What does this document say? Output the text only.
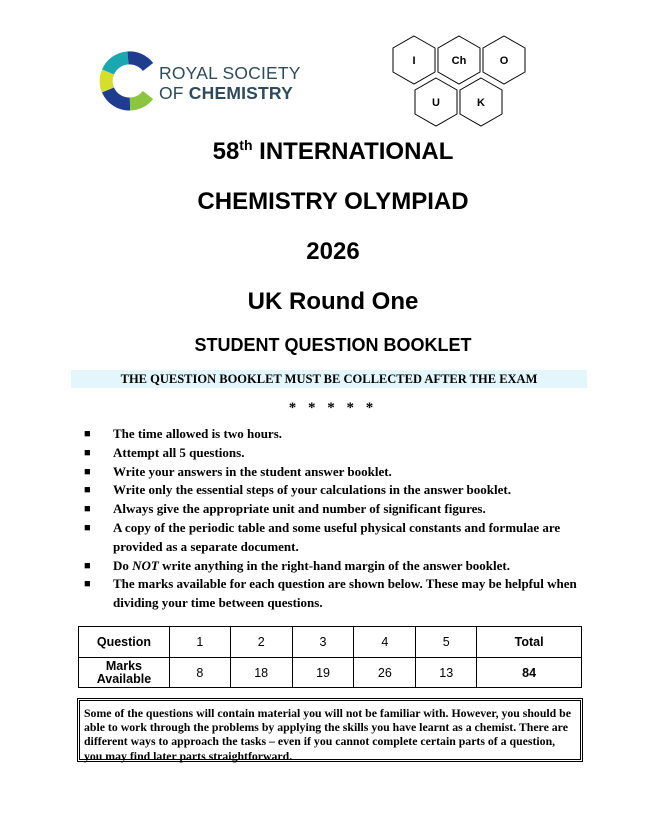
ROYAL SOCIETY
OF CHEMISTRY
I	Ch	O
U	K
58th INTERNATIONAL
CHEMISTRY OLYMPIAD
2026
UK Round One
STUDENT QUESTION BOOKLET
THE QUESTION BOOKLET MUST BE COLLECTED AFTER THE EXAM
* * * * *
■ The time allowed is two hours.
■ Attempt all 5 questions.
■ Write your answers in the student answer booklet.
■ Write only the essential steps of your calculations in the answer booklet.
■ Always give the appropriate unit and number of significant figures.
■ A copy of the periodic table and some useful physical constants and formulae are provided as a separate document.
■ Do NOT write anything in the right-hand margin of the answer booklet.
■ The marks available for each question are shown below. These may be helpful when dividing your time between questions.
Question	1	2	3	4	5	Total
Marks
Available	8	18	19	26	13	84
Some of the questions will contain material you will not be familiar with. However, you should be able to work through the problems by applying the skills you have learnt as a chemist. There are different ways to approach the tasks – even if you cannot complete certain parts of a question, you may find later parts straightforward.
